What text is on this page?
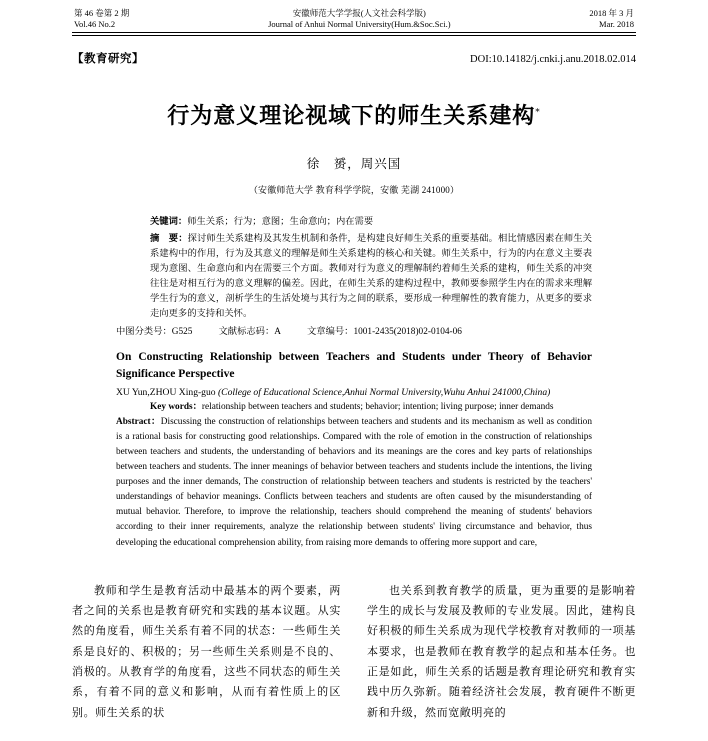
第 46 卷第 2 期
Vol.46 No.2
安徽师范大学学报(人文社会科学版)
Journal of Anhui Normal University(Hum.&Soc.Sci.)
2018 年 3 月
Mar. 2018
【教育研究】	DOI:10.14182/j.cnki.j.anu.2018.02.014
行为意义理论视域下的师生关系建构*
徐　赟，周兴国
（安徽师范大学 教育科学学院，安徽 芜湖 241000）

关键词：师生关系；行为；意图；生命意向；内在需要

摘　要：探讨师生关系建构及其发生机制和条件，是构建良好师生关系的重要基础。相比情感因素在师生关系建构中的作用，行为及其意义的理解是师生关系建构的核心和关键。师生关系中，行为的内在意义主要表现为意图、生命意向和内在需要三个方面。教师对行为意义的理解制约着师生关系的建构，师生关系的冲突往往是对相互行为的意义理解的偏差。因此，在师生关系的建构过程中，教师要参照学生内在的需求来理解学生行为的意义，剖析学生的生活处境与其行为之间的联系，要形成一种理解性的教育能力，从更多的要求走向更多的支持和关怀。

中图分类号：G525	文献标志码：A	文章编号：1001-2435(2018)02-0104-06
On Constructing Relationship between Teachers and Students under Theory of Behavior Significance Perspective
XU Yun,ZHOU Xing-guo (College of Educational Science,Anhui Normal University,Wuhu Anhui 241000,China)

Key words：relationship between teachers and students; behavior; intention; living purpose; inner demands

Abstract：Discussing the construction of relationships between teachers and students and its mechanism as well as condition is a rational basis for constructing good relationships. Compared with the role of emotion in the construction of relationships between teachers and students, the understanding of behaviors and its meanings are the cores and key parts of relationships between teachers and students. The inner meanings of behavior between teachers and students include the intentions, the living purposes and the inner demands, The construction of relationship between teachers and students is restricted by the teachers' understandings of behavior meanings. Conflicts between teachers and students are often caused by the misunderstanding of mutual behavior. Therefore, to improve the relationship, teachers should comprehend the meaning of students' behaviors according to their inner requirements, analyze the relationship between students' living circumstance and behavior, thus developing the educational comprehension ability, from raising more demands to offering more support and care,

教师和学生是教育活动中最基本的两个要素，两者之间的关系也是教育研究和实践的基本议题。从实然的角度看，师生关系有着不同的状态：一些师生关系是良好的、积极的；另一些师生关系则是不良的、消极的。从教育学的角度看，这些不同状态的师生关系，有着不同的意义和影响，从而有着性质上的区别。师生关系的状

也关系到教育教学的质量，更为重要的是影响着学生的成长与发展及教师的专业发展。因此，建构良好积极的师生关系成为现代学校教育对教师的一项基本要求，也是教师在教育教学的起点和基本任务。也正是如此，师生关系的话题是教育理论研究和教育实践中历久弥新。随着经济社会发展，教育硬件不断更新和升级，然而宽敞明亮的
